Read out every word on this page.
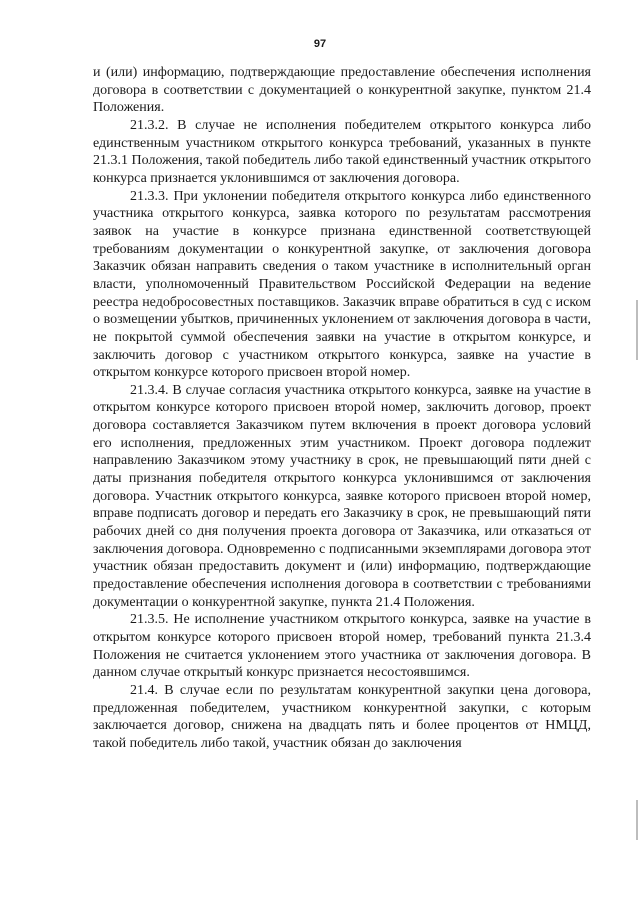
97

и (или) информацию, подтверждающие предоставление обеспечения исполнения договора в соответствии с документацией о конкурентной закупке, пунктом 21.4 Положения.

21.3.2. В случае не исполнения победителем открытого конкурса либо единственным участником открытого конкурса требований, указанных в пункте 21.3.1 Положения, такой победитель либо такой единственный участник открытого конкурса признается уклонившимся от заключения договора.

21.3.3. При уклонении победителя открытого конкурса либо единственного участника открытого конкурса, заявка которого по результатам рассмотрения заявок на участие в конкурсе признана единственной соответствующей требованиям документации о конкурентной закупке, от заключения договора Заказчик обязан направить сведения о таком участнике в исполнительный орган власти, уполномоченный Правительством Российской Федерации на ведение реестра недобросовестных поставщиков. Заказчик вправе обратиться в суд с иском о возмещении убытков, причиненных уклонением от заключения договора в части, не покрытой суммой обеспечения заявки на участие в открытом конкурсе, и заключить договор с участником открытого конкурса, заявке на участие в открытом конкурсе которого присвоен второй номер.

21.3.4. В случае согласия участника открытого конкурса, заявке на участие в открытом конкурсе которого присвоен второй номер, заключить договор, проект договора составляется Заказчиком путем включения в проект договора условий его исполнения, предложенных этим участником. Проект договора подлежит направлению Заказчиком этому участнику в срок, не превышающий пяти дней с даты признания победителя открытого конкурса уклонившимся от заключения договора. Участник открытого конкурса, заявке которого присвоен второй номер, вправе подписать договор и передать его Заказчику в срок, не превышающий пяти рабочих дней со дня получения проекта договора от Заказчика, или отказаться от заключения договора. Одновременно с подписанными экземплярами договора этот участник обязан предоставить документ и (или) информацию, подтверждающие предоставление обеспечения исполнения договора в соответствии с требованиями документации о конкурентной закупке, пункта 21.4 Положения.

21.3.5. Не исполнение участником открытого конкурса, заявке на участие в открытом конкурсе которого присвоен второй номер, требований пункта 21.3.4 Положения не считается уклонением этого участника от заключения договора. В данном случае открытый конкурс признается несостоявшимся.

21.4. В случае если по результатам конкурентной закупки цена договора, предложенная победителем, участником конкурентной закупки, с которым заключается договор, снижена на двадцать пять и более процентов от НМЦД, такой победитель либо такой, участник обязан до заключения
